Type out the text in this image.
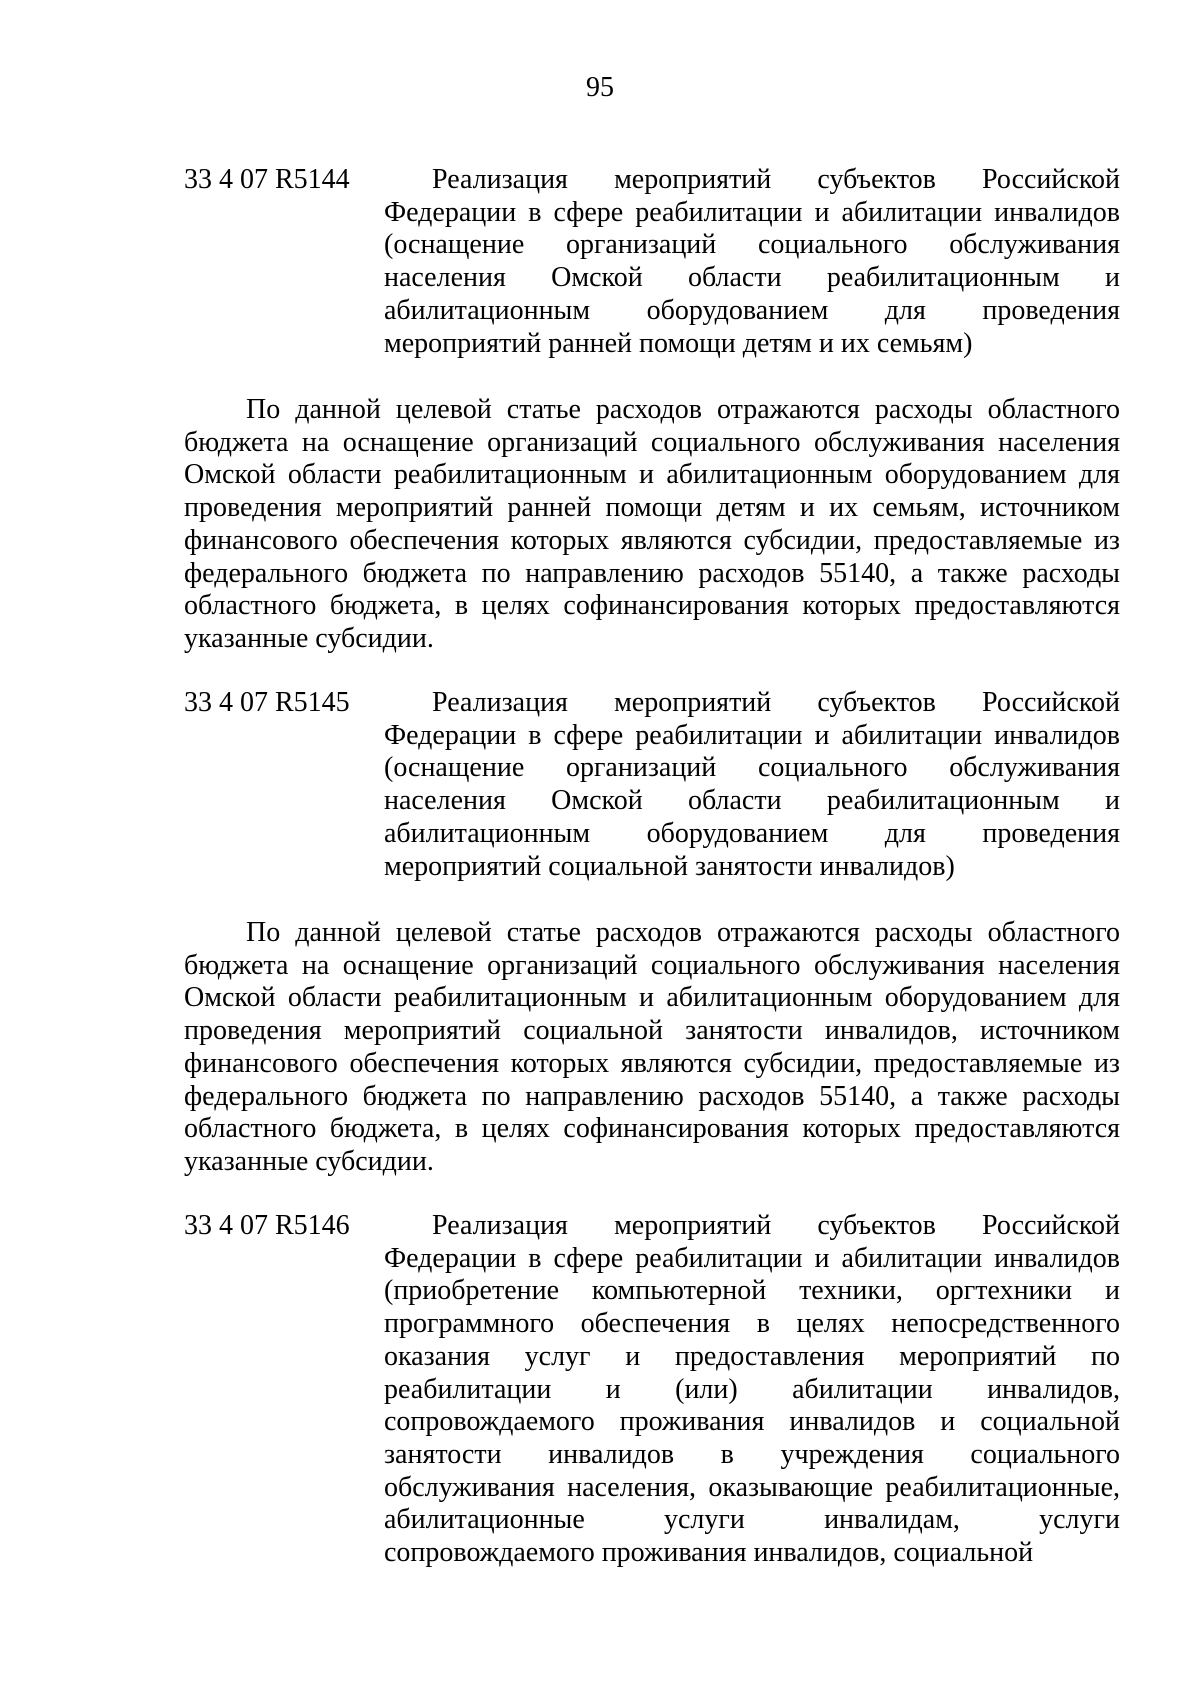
95
33 4 07 R5144	Реализация мероприятий субъектов Российской Федерации в сфере реабилитации и абилитации инвалидов (оснащение организаций социального обслуживания населения Омской области реабилитационным и абилитационным оборудованием для проведения мероприятий ранней помощи детям и их семьям)
По данной целевой статье расходов отражаются расходы областного бюджета на оснащение организаций социального обслуживания населения Омской области реабилитационным и абилитационным оборудованием для проведения мероприятий ранней помощи детям и их семьям, источником финансового обеспечения которых являются субсидии, предоставляемые из федерального бюджета по направлению расходов 55140, а также расходы областного бюджета, в целях софинансирования которых предоставляются указанные субсидии.
33 4 07 R5145	Реализация мероприятий субъектов Российской Федерации в сфере реабилитации и абилитации инвалидов (оснащение организаций социального обслуживания населения Омской области реабилитационным и абилитационным оборудованием для проведения мероприятий социальной занятости инвалидов)
По данной целевой статье расходов отражаются расходы областного бюджета на оснащение организаций социального обслуживания населения Омской области реабилитационным и абилитационным оборудованием для проведения мероприятий социальной занятости инвалидов, источником финансового обеспечения которых являются субсидии, предоставляемые из федерального бюджета по направлению расходов 55140, а также расходы областного бюджета, в целях софинансирования которых предоставляются указанные субсидии.
33 4 07 R5146	Реализация мероприятий субъектов Российской Федерации в сфере реабилитации и абилитации инвалидов (приобретение компьютерной техники, оргтехники и программного обеспечения в целях непосредственного оказания услуг и предоставления мероприятий по реабилитации и (или) абилитации инвалидов, сопровождаемого проживания инвалидов и социальной занятости инвалидов в учреждения социального обслуживания населения, оказывающие реабилитационные, абилитационные услуги инвалидам, услуги сопровождаемого проживания инвалидов, социальной
